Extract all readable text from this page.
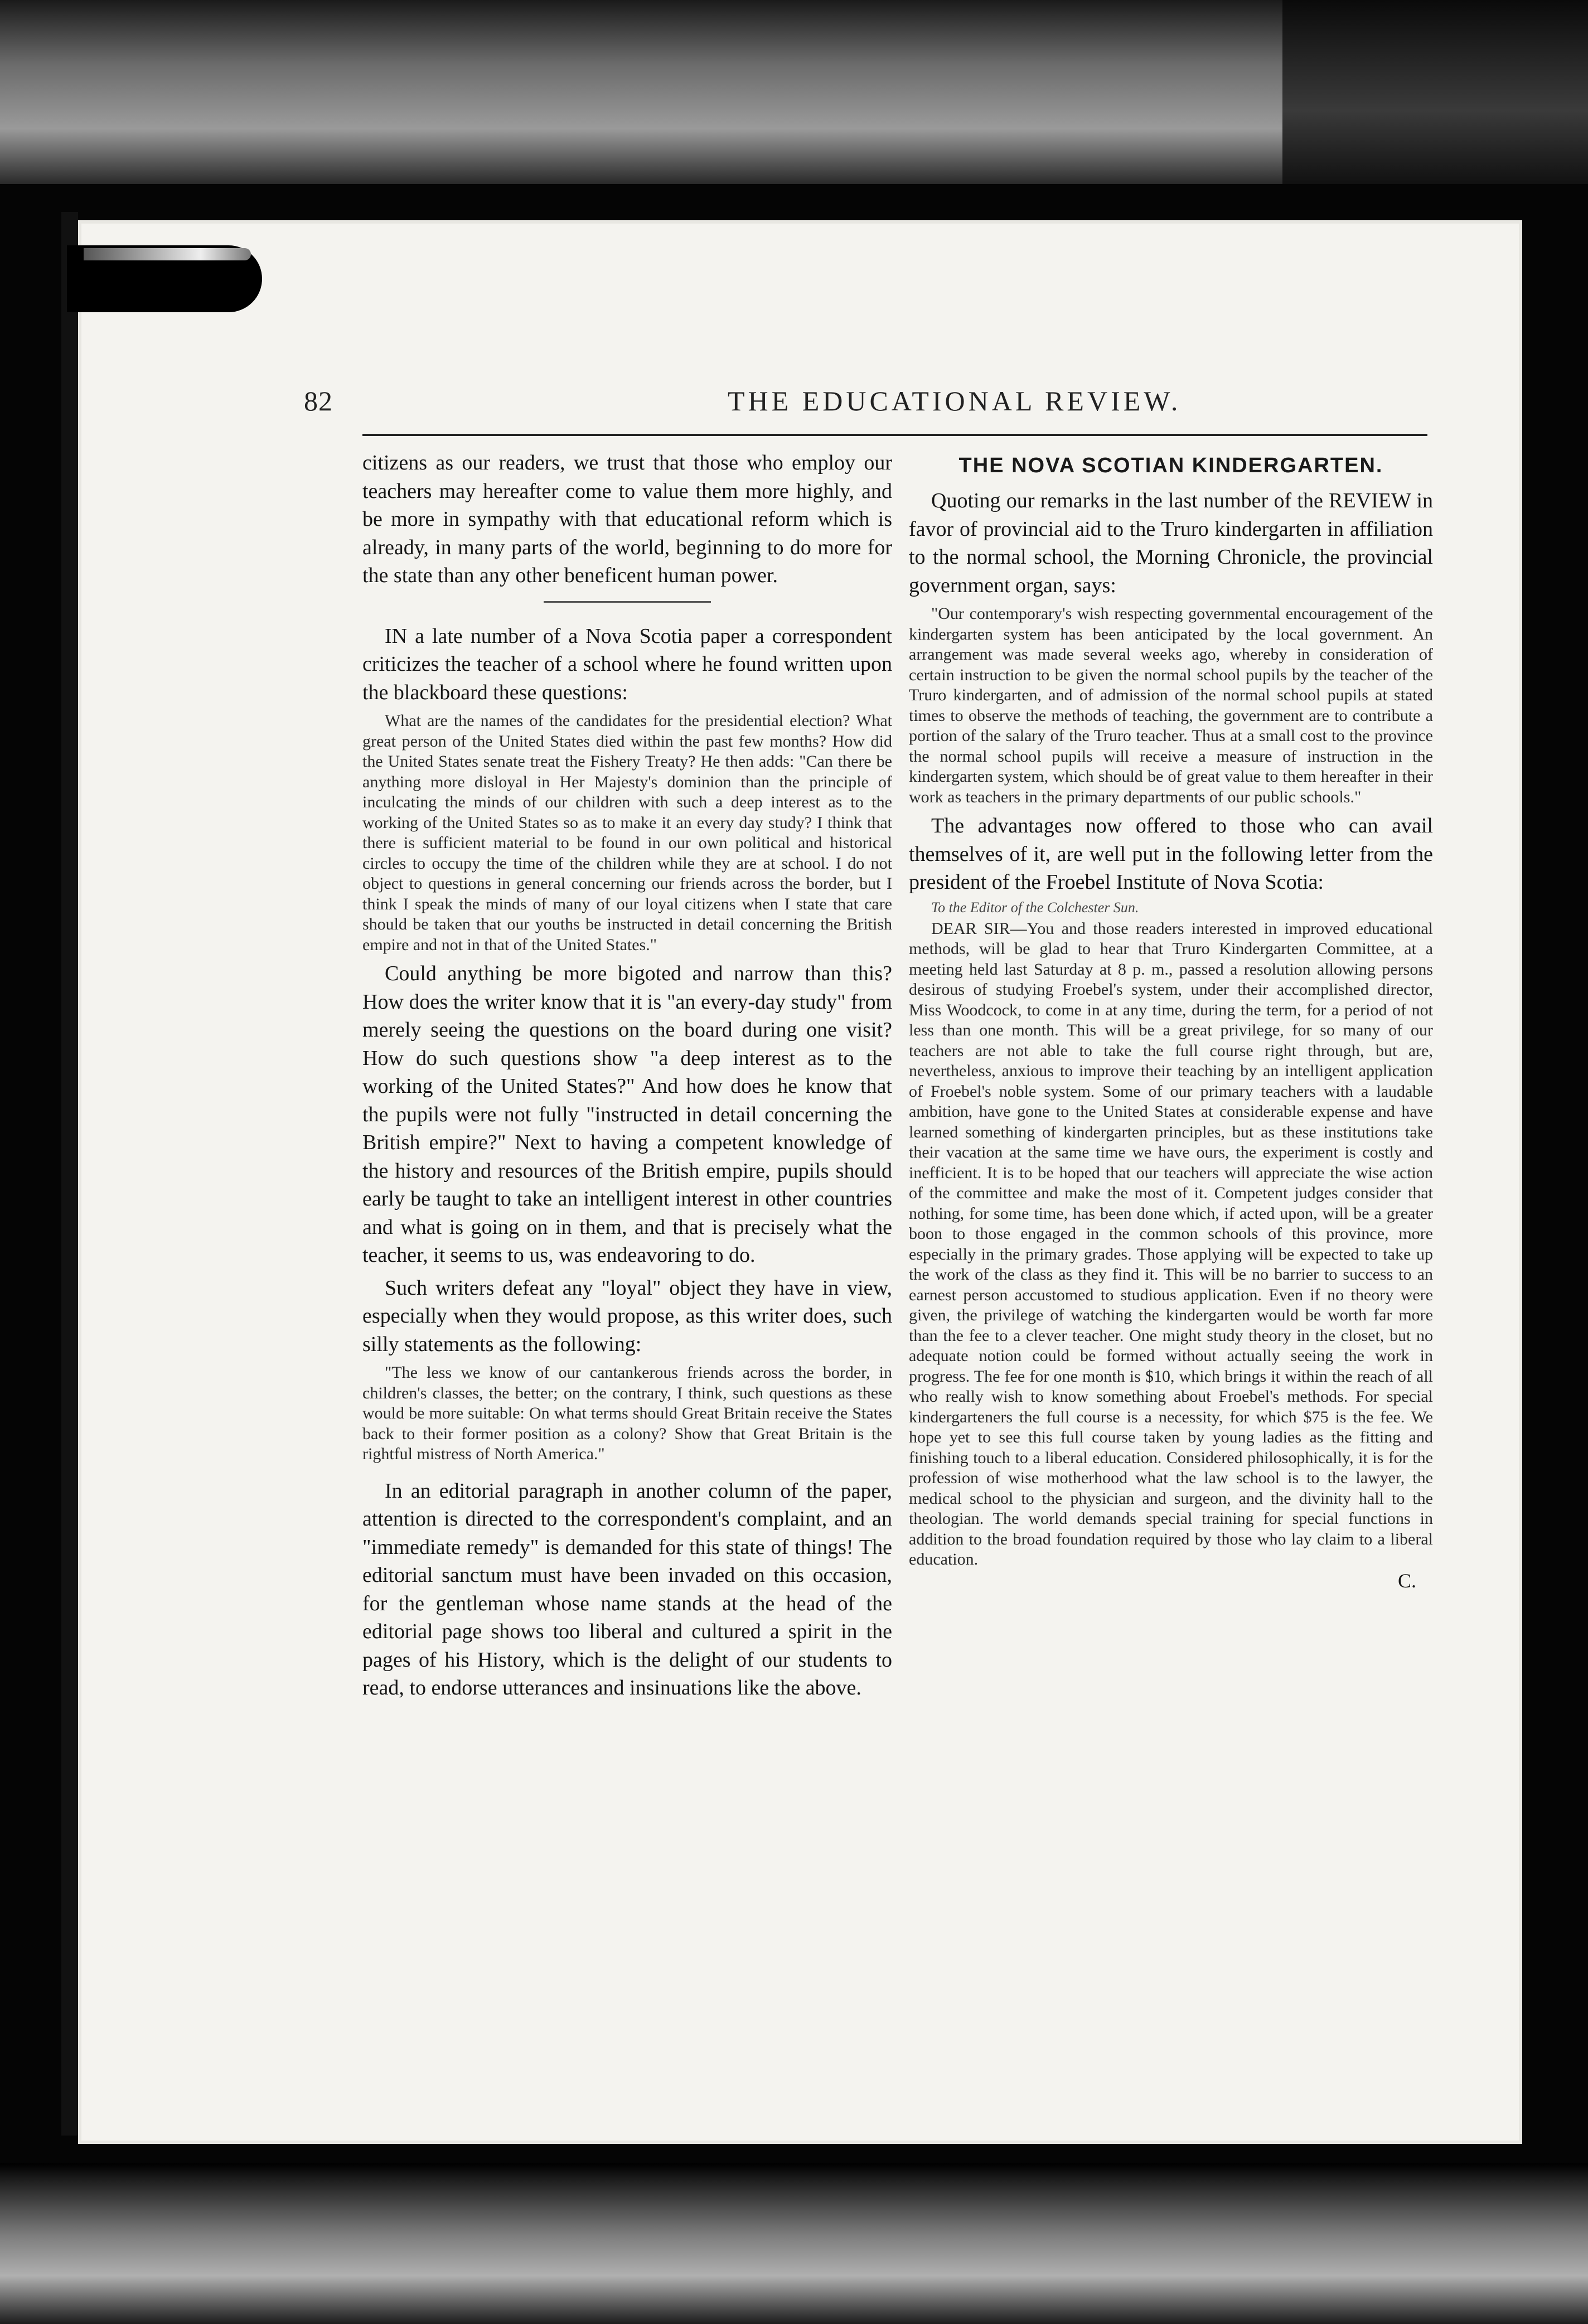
82	THE EDUCATIONAL REVIEW.

citizens as our readers, we trust that those who employ our teachers may hereafter come to value them more highly, and be more in sympathy with that educational reform which is already, in many parts of the world, beginning to do more for the state than any other beneficent human power.

IN a late number of a Nova Scotia paper a correspondent criticizes the teacher of a school where he found written upon the blackboard these questions:

What are the names of the candidates for the presidential election? What great person of the United States died within the past few months? How did the United States senate treat the Fishery Treaty? He then adds: "Can there be anything more disloyal in Her Majesty's dominion than the principle of inculcating the minds of our children with such a deep interest as to the working of the United States so as to make it an every day study? I think that there is sufficient material to be found in our own political and historical circles to occupy the time of the children while they are at school. I do not object to questions in general concerning our friends across the border, but I think I speak the minds of many of our loyal citizens when I state that care should be taken that our youths be instructed in detail concerning the British empire and not in that of the United States."

Could anything be more bigoted and narrow than this? How does the writer know that it is "an every-day study" from merely seeing the questions on the board during one visit? How do such questions show "a deep interest as to the working of the United States?" And how does he know that the pupils were not fully "instructed in detail concerning the British empire?" Next to having a competent knowledge of the history and resources of the British empire, pupils should early be taught to take an intelligent interest in other countries and what is going on in them, and that is precisely what the teacher, it seems to us, was endeavoring to do.

Such writers defeat any "loyal" object they have in view, especially when they would propose, as this writer does, such silly statements as the following:

"The less we know of our cantankerous friends across the border, in children's classes, the better; on the contrary, I think, such questions as these would be more suitable: On what terms should Great Britain receive the States back to their former position as a colony? Show that Great Britain is the rightful mistress of North America."

In an editorial paragraph in another column of the paper, attention is directed to the correspondent's complaint, and an "immediate remedy" is demanded for this state of things! The editorial sanctum must have been invaded on this occasion, for the gentleman whose name stands at the head of the editorial page shows too liberal and cultured a spirit in the pages of his History, which is the delight of our students to read, to endorse utterances and insinuations like the above.

THE NOVA SCOTIAN KINDERGARTEN.

Quoting our remarks in the last number of the REVIEW in favor of provincial aid to the Truro kindergarten in affiliation to the normal school, the Morning Chronicle, the provincial government organ, says:

"Our contemporary's wish respecting governmental encouragement of the kindergarten system has been anticipated by the local government. An arrangement was made several weeks ago, whereby in consideration of certain instruction to be given the normal school pupils by the teacher of the Truro kindergarten, and of admission of the normal school pupils at stated times to observe the methods of teaching, the government are to contribute a portion of the salary of the Truro teacher. Thus at a small cost to the province the normal school pupils will receive a measure of instruction in the kindergarten system, which should be of great value to them hereafter in their work as teachers in the primary departments of our public schools."

The advantages now offered to those who can avail themselves of it, are well put in the following letter from the president of the Froebel Institute of Nova Scotia:

To the Editor of the Colchester Sun.

DEAR SIR—You and those readers interested in improved educational methods, will be glad to hear that Truro Kindergarten Committee, at a meeting held last Saturday at 8 p. m., passed a resolution allowing persons desirous of studying Froebel's system, under their accomplished director, Miss Woodcock, to come in at any time, during the term, for a period of not less than one month. This will be a great privilege, for so many of our teachers are not able to take the full course right through, but are, nevertheless, anxious to improve their teaching by an intelligent application of Froebel's noble system. Some of our primary teachers with a laudable ambition, have gone to the United States at considerable expense and have learned something of kindergarten principles, but as these institutions take their vacation at the same time we have ours, the experiment is costly and inefficient. It is to be hoped that our teachers will appreciate the wise action of the committee and make the most of it. Competent judges consider that nothing, for some time, has been done which, if acted upon, will be a greater boon to those engaged in the common schools of this province, more especially in the primary grades. Those applying will be expected to take up the work of the class as they find it. This will be no barrier to success to an earnest person accustomed to studious application. Even if no theory were given, the privilege of watching the kindergarten would be worth far more than the fee to a clever teacher. One might study theory in the closet, but no adequate notion could be formed without actually seeing the work in progress. The fee for one month is $10, which brings it within the reach of all who really wish to know something about Froebel's methods. For special kindergarteners the full course is a necessity, for which $75 is the fee. We hope yet to see this full course taken by young ladies as the fitting and finishing touch to a liberal education. Considered philosophically, it is for the profession of wise motherhood what the law school is to the lawyer, the medical school to the physician and surgeon, and the divinity hall to the theologian. The world demands special training for special functions in addition to the broad foundation required by those who lay claim to a liberal education.

C.
